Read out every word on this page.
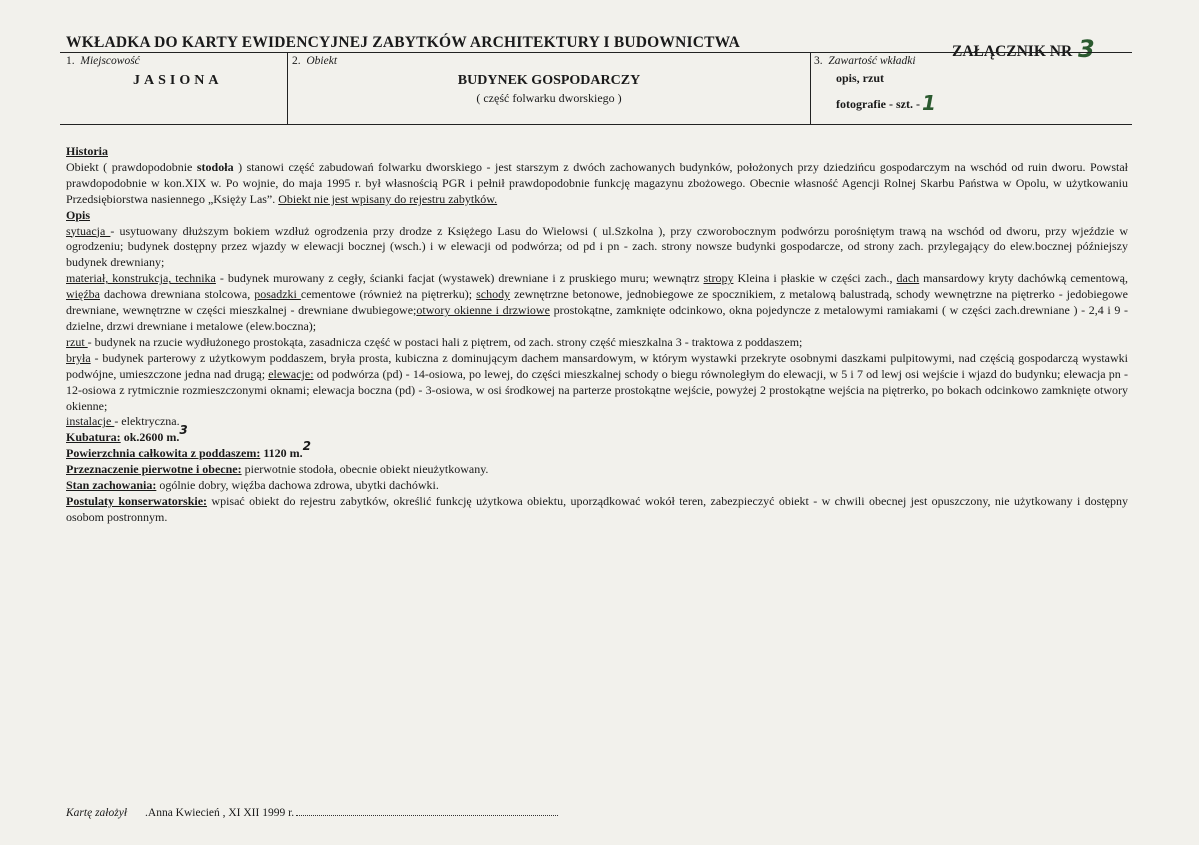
WKŁADKA DO KARTY EWIDENCYJNEJ ZABYTKÓW ARCHITEKTURY I BUDOWNICTWA
ZAŁĄCZNIK NR 3
1. Miejscowość
JASIONA
2. Obiekt
BUDYNEK GOSPODARCZY
( część folwarku dworskiego )
3. Zawartość wkładki
opis, rzut
fotografie - szt. - 1

Historia

Obiekt ( prawdopodobnie stodoła ) stanowi część zabudowań folwarku dworskiego - jest starszym z dwóch zachowanych budynków, położonych przy dziedzińcu gospodarczym na wschód od ruin dworu. Powstał prawdopodobnie w kon.XIX w. Po wojnie, do maja 1995 r. był własnością PGR i pełnił prawdopodobnie funkcję magazynu zbożowego. Obecnie własność Agencji Rolnej Skarbu Państwa w Opolu, w użytkowaniu Przedsiębiorstwa nasiennego „Księży Las”. Obiekt nie jest wpisany do rejestru zabytków.

Opis

sytuacja - usytuowany dłuższym bokiem wzdłuż ogrodzenia przy drodze z Księżego Lasu do Wielowsi ( ul.Szkolna ), przy czworobocznym podwórzu porośniętym trawą na wschód od dworu, przy wjeździe w ogrodzeniu; budynek dostępny przez wjazdy w elewacji bocznej (wsch.) i w elewacji od podwórza; od pd i pn - zach. strony nowsze budynki gospodarcze, od strony zach. przylegający do elew.bocznej późniejszy budynek drewniany;

materiał, konstrukcja, technika - budynek murowany z cegły, ścianki facjat (wystawek) drewniane i z pruskiego muru; wewnątrz stropy Kleina i płaskie w części zach., dach mansardowy kryty dachówką cementową, więźba dachowa drewniana stolcowa, posadzki cementowe (również na piętrerku); schody zewnętrzne betonowe, jednobiegowe ze spocznikiem, z metalową balustradą, schody wewnętrzne na piętrerko - jedobiegowe drewniane, wewnętrzne w części mieszkalnej - drewniane dwubiegowe;otwory okienne i drzwiowe prostokątne, zamknięte odcinkowo, okna pojedyncze z metalowymi ramiakami ( w części zach.drewniane ) - 2,4 i 9 - dzielne, drzwi drewniane i metalowe (elew.boczna);

rzut - budynek na rzucie wydłużonego prostokąta, zasadnicza część w postaci hali z piętrem, od zach. strony część mieszkalna 3 - traktowa z poddaszem;

bryła - budynek parterowy z użytkowym poddaszem, bryła prosta, kubiczna z dominującym dachem mansardowym, w którym wystawki przekryte osobnymi daszkami pulpitowymi, nad częścią gospodarczą wystawki podwójne, umieszczone jedna nad drugą; elewacje: od podwórza (pd) - 14-osiowa, po lewej, do części mieszkalnej schody o biegu równoległym do elewacji, w 5 i 7 od lewj osi wejście i wjazd do budynku; elewacja pn - 12-osiowa z rytmicznie rozmieszczonymi oknami; elewacja boczna (pd) - 3-osiowa, w osi środkowej na parterze prostokątne wejście, powyżej 2 prostokątne wejścia na piętrerko, po bokach odcinkowo zamknięte otwory okienne;

instalacje - elektryczna.

Kubatura: ok.2600 m.3

Powierzchnia całkowita z poddaszem: 1120 m.2

Przeznaczenie pierwotne i obecne: pierwotnie stodoła, obecnie obiekt nieużytkowany.

Stan zachowania: ogólnie dobry, więźba dachowa zdrowa, ubytki dachówki.

Postulaty konserwatorskie: wpisać obiekt do rejestru zabytków, określić funkcję użytkowa obiektu, uporządkować wokół teren, zabezpieczyć obiekt - w chwili obecnej jest opuszczony, nie użytkowany i dostępny osobom postronnym.

Kartę założył .Anna Kwiecień , XI XII 1999 r.
